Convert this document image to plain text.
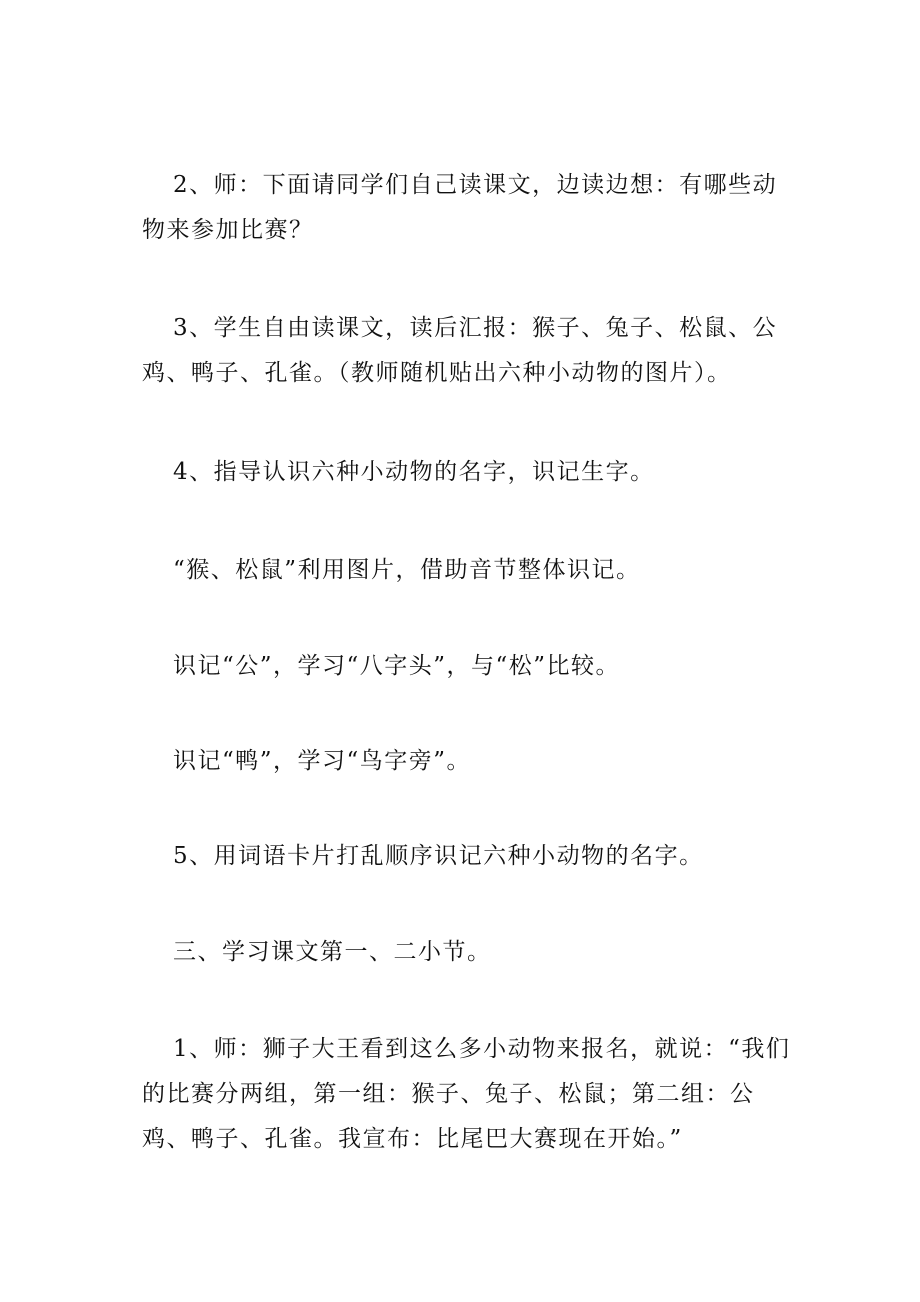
2、师：下面请同学们自己读课文，边读边想：有哪些动物来参加比赛？

3、学生自由读课文，读后汇报：猴子、兔子、松鼠、公鸡、鸭子、孔雀。（教师随机贴出六种小动物的图片）。

4、指导认识六种小动物的名字，识记生字。

“猴、松鼠”利用图片，借助音节整体识记。

识记“公”，学习“八字头”，与“松”比较。

识记“鸭”，学习“鸟字旁”。

5、用词语卡片打乱顺序识记六种小动物的名字。

三、学习课文第一、二小节。

1、师：狮子大王看到这么多小动物来报名，就说：“我们的比赛分两组，第一组：猴子、兔子、松鼠；第二组：公鸡、鸭子、孔雀。我宣布：比尾巴大赛现在开始。”
